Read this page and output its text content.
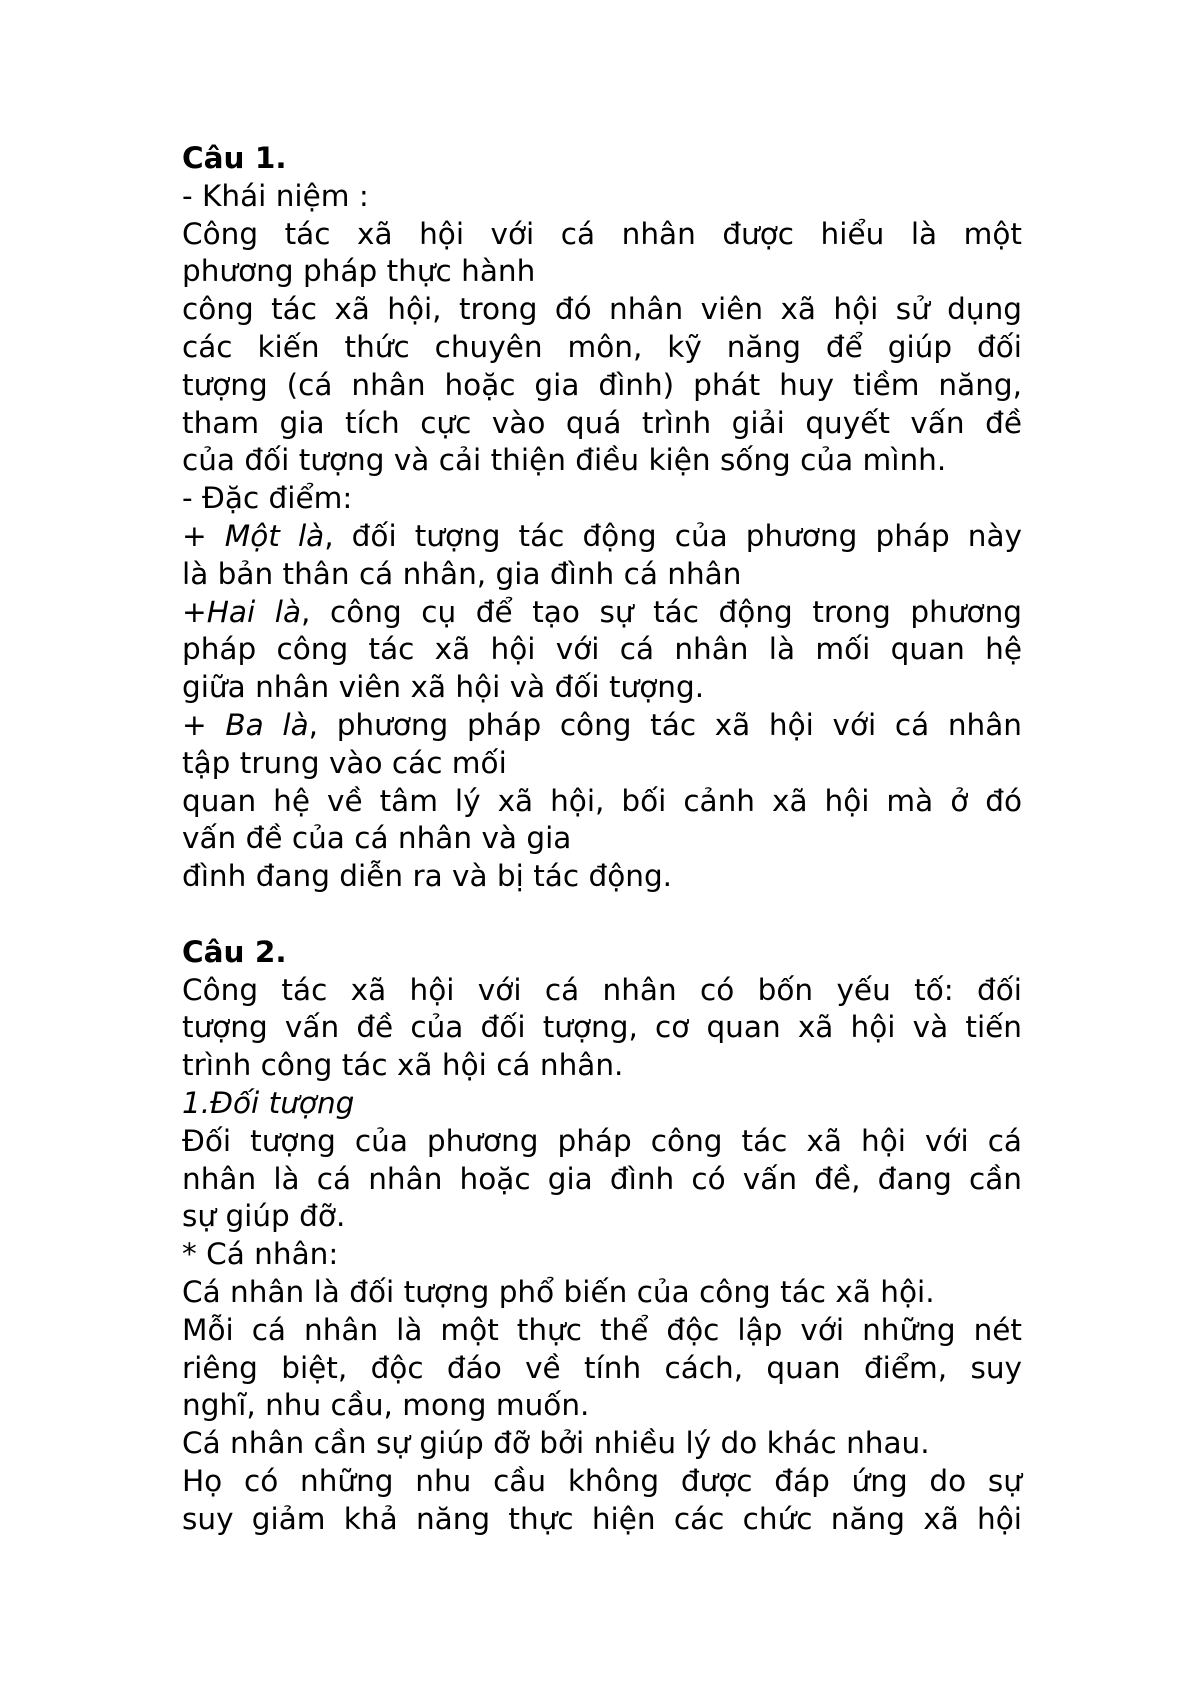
Câu 1.
- Khái niệm :
Công tác xã hội với cá nhân được hiểu là một
phương pháp thực hành
công tác xã hội, trong đó nhân viên xã hội sử dụng
các kiến thức chuyên môn, kỹ năng để giúp đối
tượng (cá nhân hoặc gia đình) phát huy tiềm năng,
tham gia tích cực vào quá trình giải quyết vấn đề
của đối tượng và cải thiện điều kiện sống của mình.
- Đặc điểm:
+ Một là, đối tượng tác động của phương pháp này
là bản thân cá nhân, gia đình cá nhân
+Hai là, công cụ để tạo sự tác động trong phương
pháp công tác xã hội với cá nhân là mối quan hệ
giữa nhân viên xã hội và đối tượng.
+ Ba là, phương pháp công tác xã hội với cá nhân
tập trung vào các mối
quan hệ về tâm lý xã hội, bối cảnh xã hội mà ở đó
vấn đề của cá nhân và gia
đình đang diễn ra và bị tác động.
Câu 2.
Công tác xã hội với cá nhân có bốn yếu tố: đối
tượng vấn đề của đối tượng, cơ quan xã hội và tiến
trình công tác xã hội cá nhân.
1.Đối tượng
Đối tượng của phương pháp công tác xã hội với cá
nhân là cá nhân hoặc gia đình có vấn đề, đang cần
sự giúp đỡ.
* Cá nhân:
Cá nhân là đối tượng phổ biến của công tác xã hội.
Mỗi cá nhân là một thực thể độc lập với những nét
riêng biệt, độc đáo về tính cách, quan điểm, suy
nghĩ, nhu cầu, mong muốn.
Cá nhân cần sự giúp đỡ bởi nhiều lý do khác nhau.
Họ có những nhu cầu không được đáp ứng do sự
suy giảm khả năng thực hiện các chức năng xã hội
